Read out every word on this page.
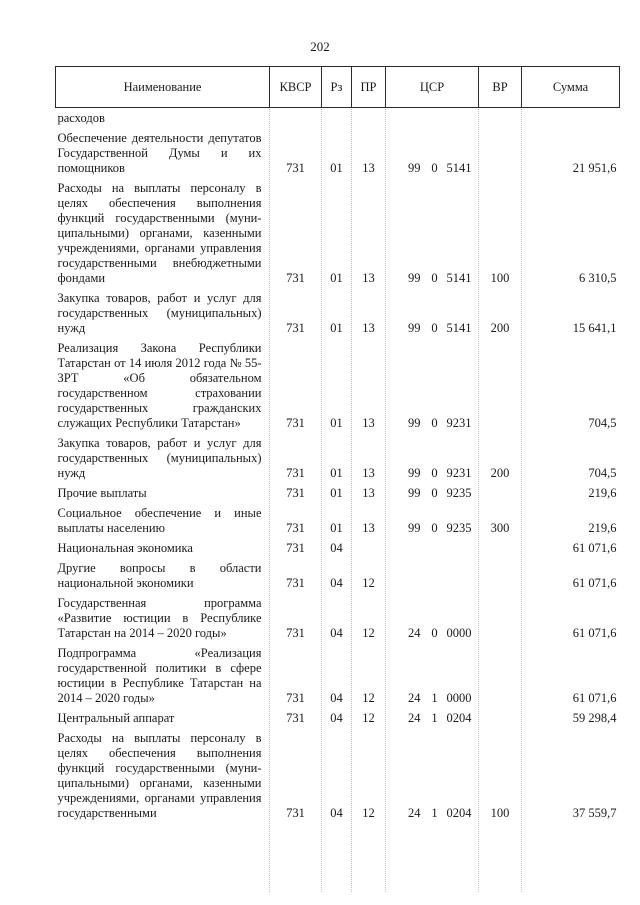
202
Наименование	КВСР	Рз	ПР	ЦСР			ВР	Сумма
расходов								
Обеспечение деятельности депутатов Государственной Думы и их помощников	731	01	13	99	0	5141		21 951,6
Расходы на выплаты персоналу в целях обеспечения выполнения функций государственными (муни-ципальными) органами, казенными учреждениями, органами управления государственными внебюджетными фондами	731	01	13	99	0	5141	100	6 310,5
Закупка товаров, работ и услуг для государственных (муниципальных) нужд	731	01	13	99	0	5141	200	15 641,1
Реализация Закона Республики Татарстан от 14 июля 2012 года № 55-ЗРТ «Об обязательном государственном страховании государственных гражданских служащих Республики Татарстан»	731	01	13	99	0	9231		704,5
Закупка товаров, работ и услуг для государственных (муниципальных) нужд	731	01	13	99	0	9231	200	704,5
Прочие выплаты	731	01	13	99	0	9235		219,6
Социальное обеспечение и иные выплаты населению	731	01	13	99	0	9235	300	219,6
Национальная экономика	731	04						61 071,6
Другие вопросы в области национальной экономики	731	04	12					61 071,6
Государственная программа «Развитие юстиции в Республике Татарстан на 2014 – 2020 годы»	731	04	12	24	0	0000		61 071,6
Подпрограмма «Реализация государственной политики в сфере юстиции в Республике Татарстан на 2014 – 2020 годы»	731	04	12	24	1	0000		61 071,6
Центральный аппарат	731	04	12	24	1	0204		59 298,4
Расходы на выплаты персоналу в целях обеспечения выполнения функций государственными (муни-ципальными) органами, казенными учреждениями, органами управления государственными	731	04	12	24	1	0204	100	37 559,7
